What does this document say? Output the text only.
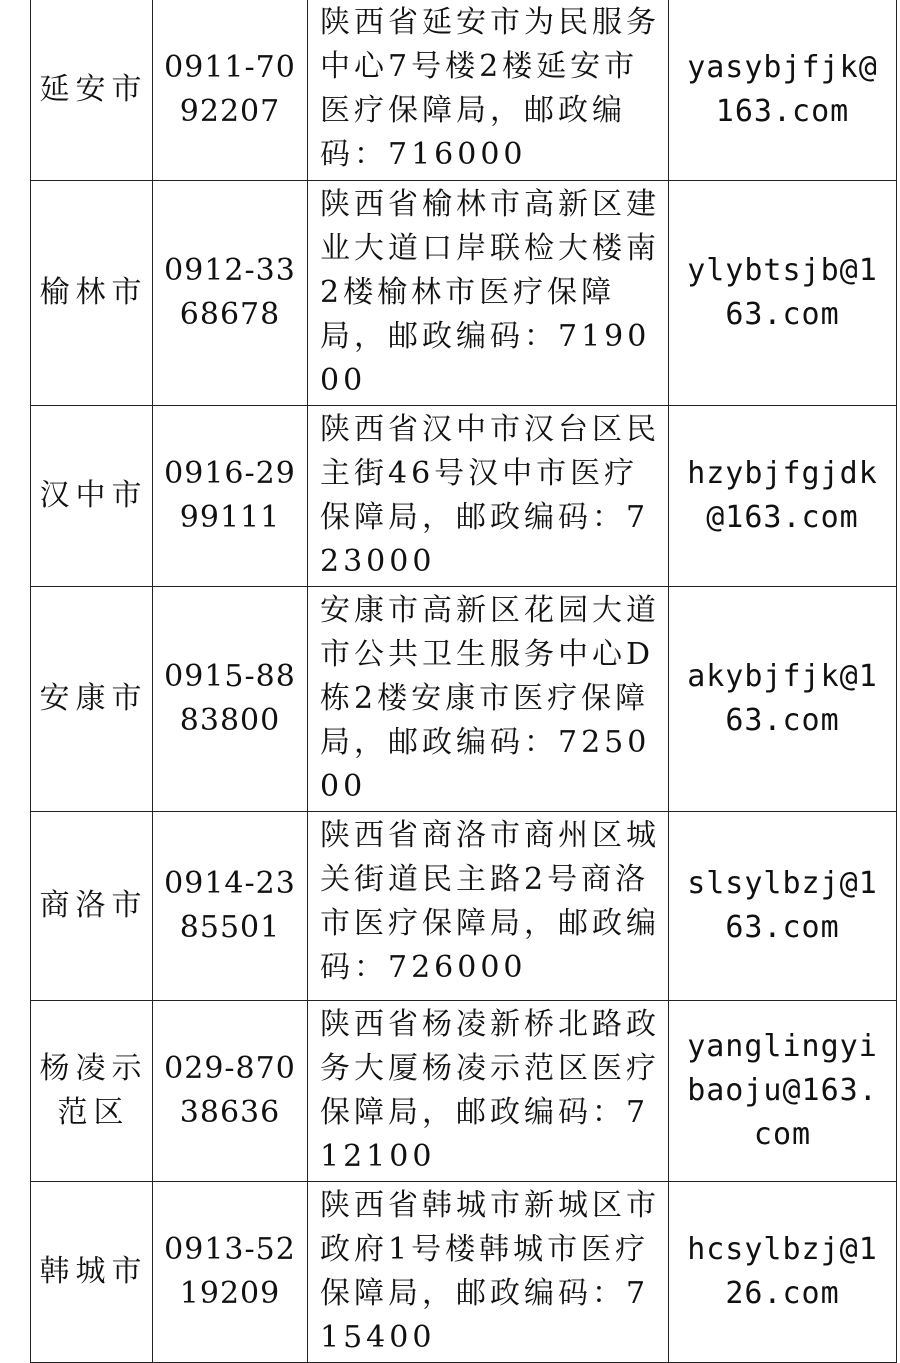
延安市	0911-7092207	陕西省延安市为民服务中心7号楼2楼延安市医疗保障局，邮政编码：716000	yasybjfjk@163.com
榆林市	0912-3368678	陕西省榆林市高新区建业大道口岸联检大楼南2楼榆林市医疗保障局，邮政编码：719000	ylybtsjb@163.com
汉中市	0916-2999111	陕西省汉中市汉台区民主街46号汉中市医疗保障局，邮政编码：723000	hzybjfgjdk@163.com
安康市	0915-8883800	安康市高新区花园大道市公共卫生服务中心D栋2楼安康市医疗保障局，邮政编码：725000	akybjfjk@163.com
商洛市	0914-2385501	陕西省商洛市商州区城关街道民主路2号商洛市医疗保障局，邮政编码：726000	slsylbzj@163.com
杨凌示范区	029-87038636	陕西省杨凌新桥北路政务大厦杨凌示范区医疗保障局，邮政编码：712100	yanglingyibaoju@163.com
韩城市	0913-5219209	陕西省韩城市新城区市政府1号楼韩城市医疗保障局，邮政编码：715400	hcsylbzj@126.com
